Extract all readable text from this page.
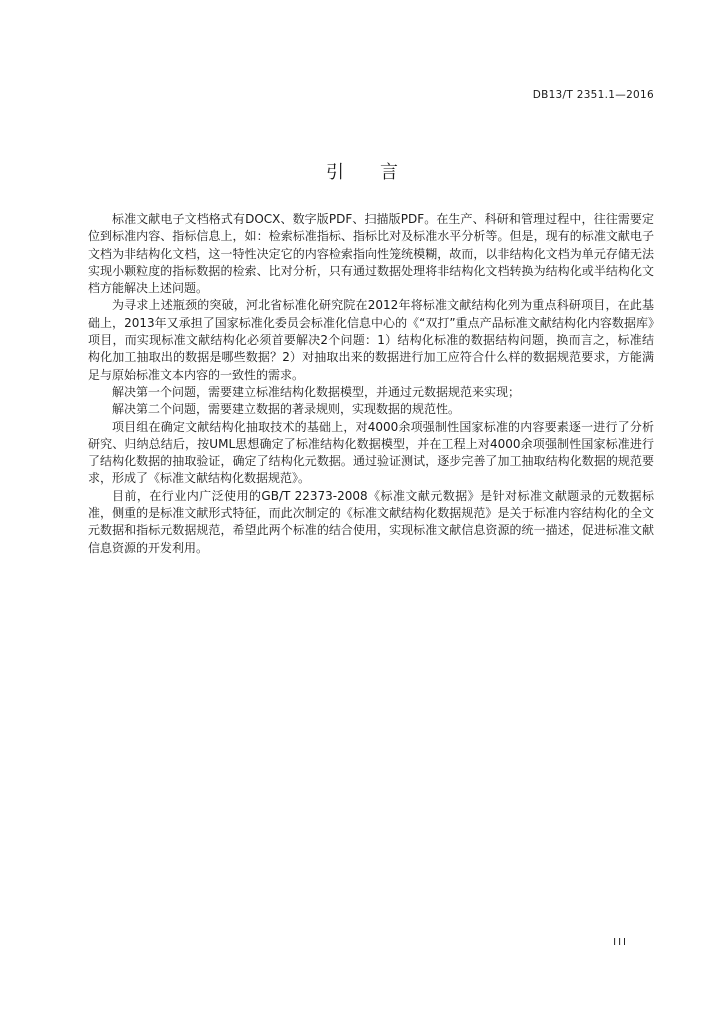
DB13/T 2351.1—2016
引言

标准文献电子文档格式有DOCX、数字版PDF、扫描版PDF。在生产、科研和管理过程中，往往需要定位到标准内容、指标信息上，如：检索标准指标、指标比对及标准水平分析等。但是，现有的标准文献电子文档为非结构化文档，这一特性决定它的内容检索指向性笼统模糊，故而，以非结构化文档为单元存储无法实现小颗粒度的指标数据的检索、比对分析，只有通过数据处理将非结构化文档转换为结构化或半结构化文档方能解决上述问题。

为寻求上述瓶颈的突破，河北省标准化研究院在2012年将标准文献结构化列为重点科研项目，在此基础上，2013年又承担了国家标准化委员会标准化信息中心的《“双打”重点产品标准文献结构化内容数据库》项目，而实现标准文献结构化必须首要解决2个问题：1）结构化标准的数据结构问题，换而言之，标准结构化加工抽取出的数据是哪些数据？2）对抽取出来的数据进行加工应符合什么样的数据规范要求，方能满足与原始标准文本内容的一致性的需求。

解决第一个问题，需要建立标准结构化数据模型，并通过元数据规范来实现；

解决第二个问题，需要建立数据的著录规则，实现数据的规范性。

项目组在确定文献结构化抽取技术的基础上，对4000余项强制性国家标准的内容要素逐一进行了分析研究、归纳总结后，按UML思想确定了标准结构化数据模型，并在工程上对4000余项强制性国家标准进行了结构化数据的抽取验证，确定了结构化元数据。通过验证测试，逐步完善了加工抽取结构化数据的规范要求，形成了《标准文献结构化数据规范》。

目前，在行业内广泛使用的GB/T 22373-2008《标准文献元数据》是针对标准文献题录的元数据标准，侧重的是标准文献形式特征，而此次制定的《标准文献结构化数据规范》是关于标准内容结构化的全文元数据和指标元数据规范，希望此两个标准的结合使用，实现标准文献信息资源的统一描述，促进标准文献信息资源的开发利用。

III
